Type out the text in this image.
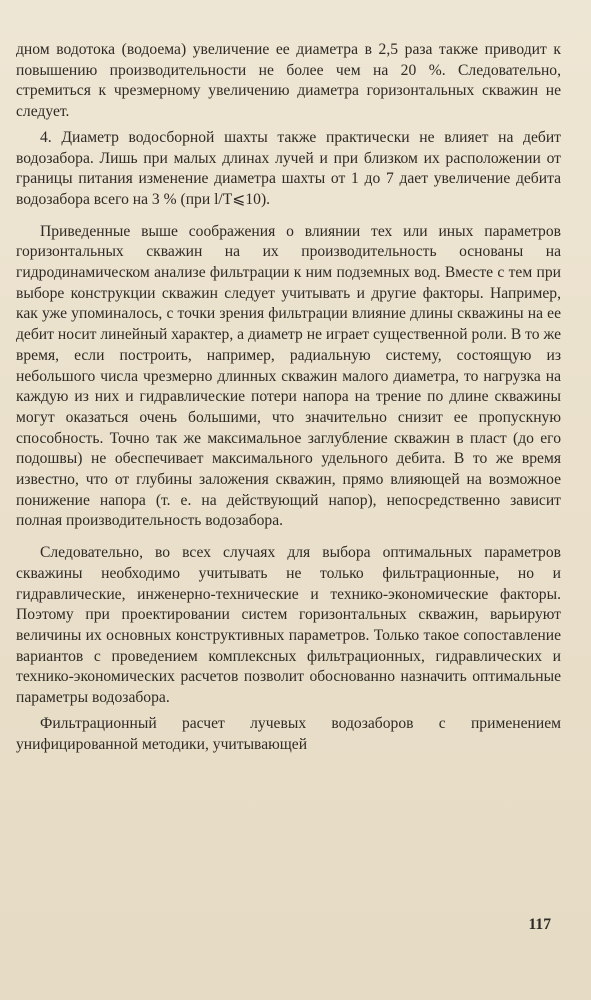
дном водотока (водоема) увеличение ее диаметра в 2,5 раза также приводит к повышению производительности не более чем на 20 %. Следовательно, стремиться к чрезмерному увеличению диаметра горизонтальных скважин не следует.

4. Диаметр водосборной шахты также практически не влияет на дебит водозабора. Лишь при малых длинах лучей и при близком их расположении от границы питания изменение диаметра шахты от 1 до 7 дает увеличение дебита водозабора всего на 3 % (при l/T⩽10).

Приведенные выше соображения о влиянии тех или иных параметров горизонтальных скважин на их производительность основаны на гидродинамическом анализе фильтрации к ним подземных вод. Вместе с тем при выборе конструкции скважин следует учитывать и другие факторы. Например, как уже упоминалось, с точки зрения фильтрации влияние длины скважины на ее дебит носит линейный характер, а диаметр не играет существенной роли. В то же время, если построить, например, радиальную систему, состоящую из небольшого числа чрезмерно длинных скважин малого диаметра, то нагрузка на каждую из них и гидравлические потери напора на трение по длине скважины могут оказаться очень большими, что значительно снизит ее пропускную способность. Точно так же максимальное заглубление скважин в пласт (до его подошвы) не обеспечивает максимального удельного дебита. В то же время известно, что от глубины заложения скважин, прямо влияющей на возможное понижение напора (т. е. на действующий напор), непосредственно зависит полная производительность водозабора.

Следовательно, во всех случаях для выбора оптимальных параметров скважины необходимо учитывать не только фильтрационные, но и гидравлические, инженерно-технические и технико-экономические факторы. Поэтому при проектировании систем горизонтальных скважин, варьируют величины их основных конструктивных параметров. Только такое сопоставление вариантов с проведением комплексных фильтрационных, гидравлических и технико-экономических расчетов позволит обоснованно назначить оптимальные параметры водозабора.

Фильтрационный расчет лучевых водозаборов с применением унифицированной методики, учитывающей

117
